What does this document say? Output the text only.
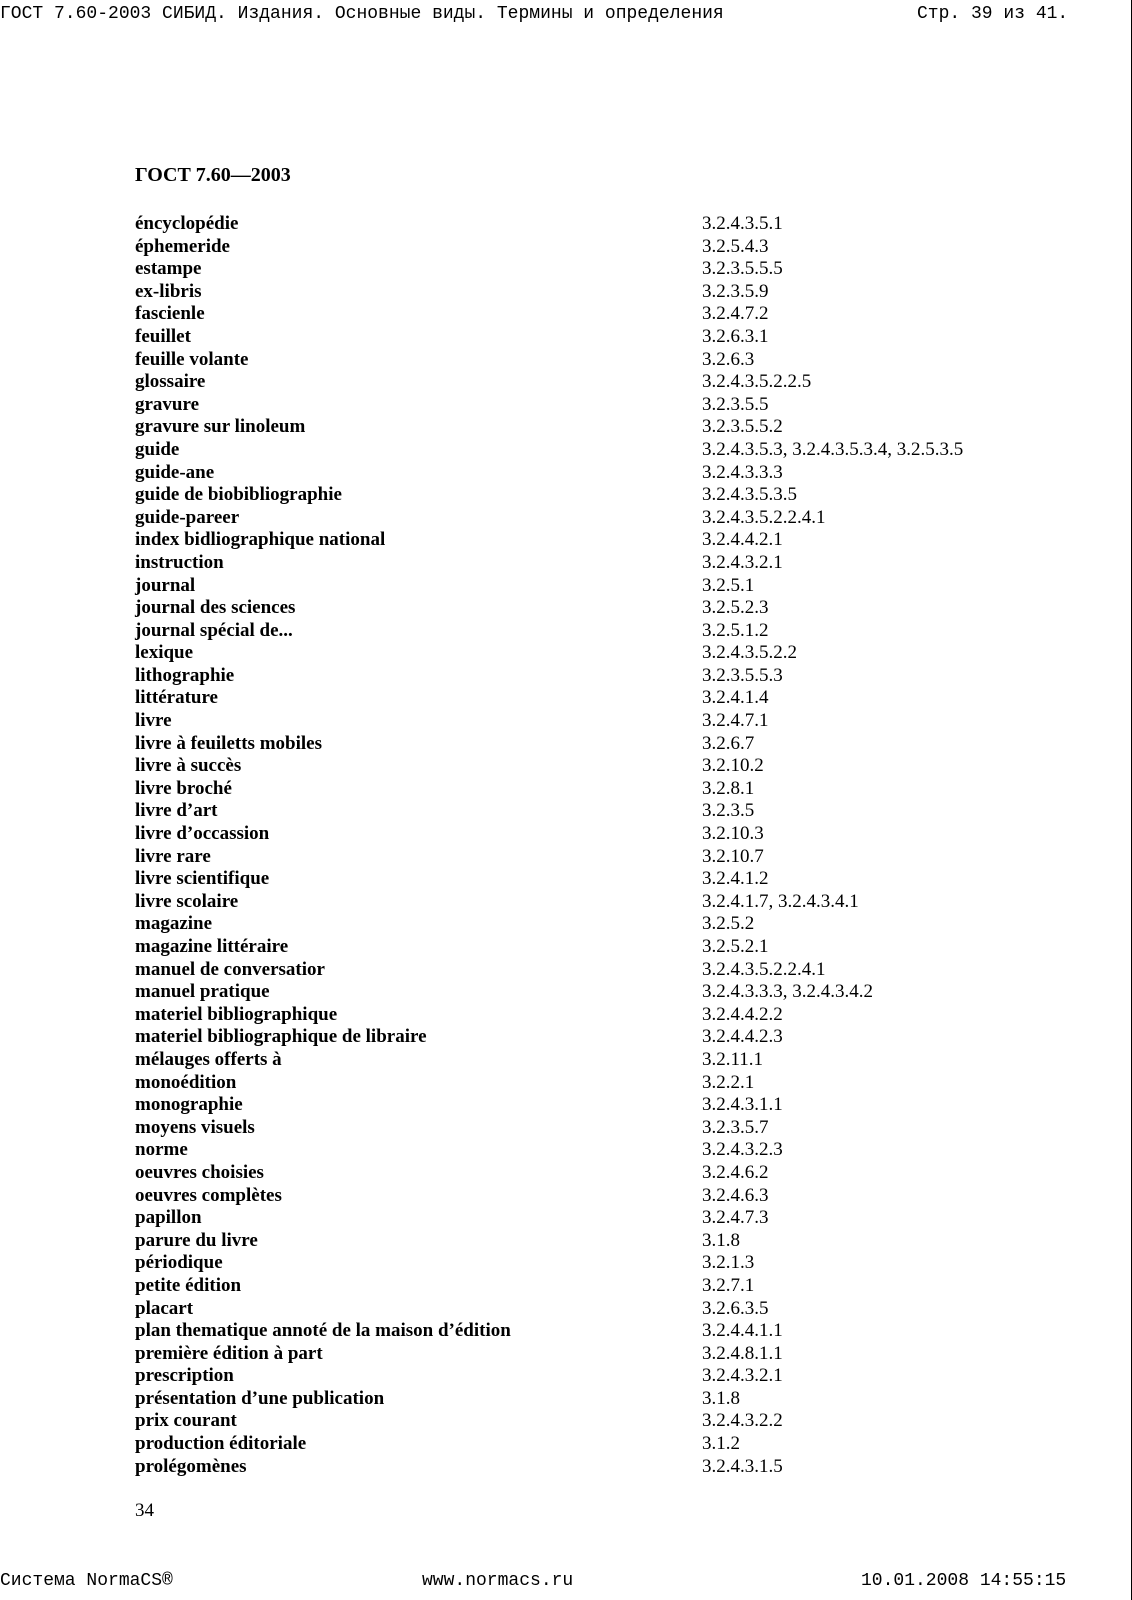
ГОСТ 7.60-2003 СИБИД. Издания. Основные виды. Термины и определения	Стр. 39 из 41.
ГОСТ 7.60—2003
éncyclopédie	3.2.4.3.5.1
éphemeride	3.2.5.4.3
estampe	3.2.3.5.5.5
ex-libris	3.2.3.5.9
fascienle	3.2.4.7.2
feuillet	3.2.6.3.1
feuille volante	3.2.6.3
glossaire	3.2.4.3.5.2.2.5
gravure	3.2.3.5.5
gravure sur linoleum	3.2.3.5.5.2
guide	3.2.4.3.5.3, 3.2.4.3.5.3.4, 3.2.5.3.5
guide-ane	3.2.4.3.3.3
guide de biobibliographie	3.2.4.3.5.3.5
guide-pareer	3.2.4.3.5.2.2.4.1
index bidliographique national	3.2.4.4.2.1
instruction	3.2.4.3.2.1
journal	3.2.5.1
journal des sciences	3.2.5.2.3
journal spécial de...	3.2.5.1.2
lexique	3.2.4.3.5.2.2
lithographie	3.2.3.5.5.3
littérature	3.2.4.1.4
livre	3.2.4.7.1
livre à feuiletts mobiles	3.2.6.7
livre à succès	3.2.10.2
livre broché	3.2.8.1
livre d’art	3.2.3.5
livre d’occassion	3.2.10.3
livre rare	3.2.10.7
livre scientifique	3.2.4.1.2
livre scolaire	3.2.4.1.7, 3.2.4.3.4.1
magazine	3.2.5.2
magazine littéraire	3.2.5.2.1
manuel de conversatior	3.2.4.3.5.2.2.4.1
manuel pratique	3.2.4.3.3.3, 3.2.4.3.4.2
materiel bibliographique	3.2.4.4.2.2
materiel bibliographique de libraire	3.2.4.4.2.3
mélauges offerts à	3.2.11.1
monoédition	3.2.2.1
monographie	3.2.4.3.1.1
moyens visuels	3.2.3.5.7
norme	3.2.4.3.2.3
oeuvres choisies	3.2.4.6.2
oeuvres complètes	3.2.4.6.3
papillon	3.2.4.7.3
parure du livre	3.1.8
périodique	3.2.1.3
petite édition	3.2.7.1
placart	3.2.6.3.5
plan thematique annoté de la maison d’édition	3.2.4.4.1.1
première édition à part	3.2.4.8.1.1
prescription	3.2.4.3.2.1
présentation d’une publication	3.1.8
prix courant	3.2.4.3.2.2
production éditoriale	3.1.2
prolégomènes	3.2.4.3.1.5
34
Система NormaCS®	www.normacs.ru	10.01.2008 14:55:15
